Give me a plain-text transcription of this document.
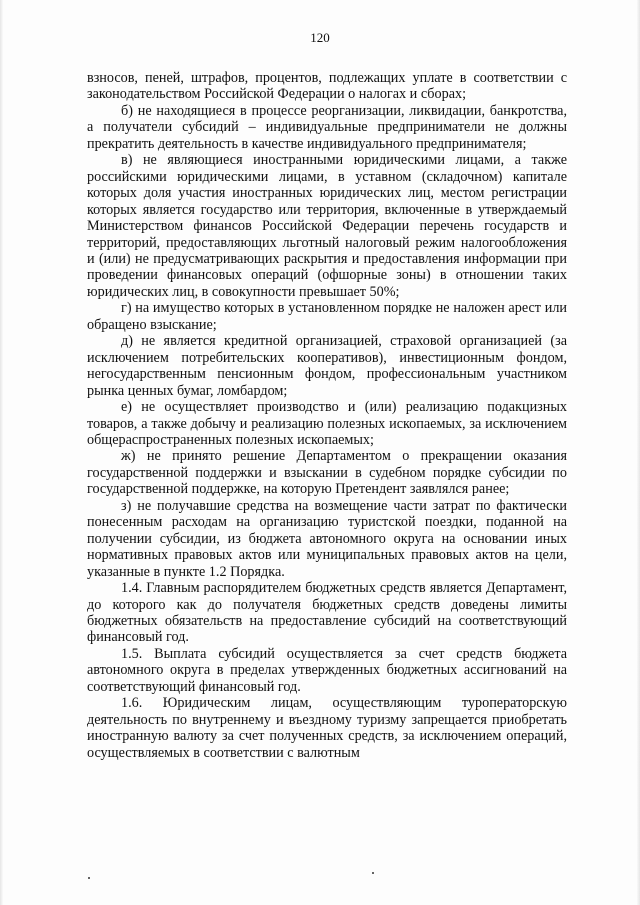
120

взносов, пеней, штрафов, процентов, подлежащих уплате в соответствии с законодательством Российской Федерации о налогах и сборах;

б) не находящиеся в процессе реорганизации, ликвидации, банкротства, а получатели субсидий – индивидуальные предприниматели не должны прекратить деятельность в качестве индивидуального предпринимателя;

в) не являющиеся иностранными юридическими лицами, а также российскими юридическими лицами, в уставном (складочном) капитале которых доля участия иностранных юридических лиц, местом регистрации которых является государство или территория, включенные в утверждаемый Министерством финансов Российской Федерации перечень государств и территорий, предоставляющих льготный налоговый режим налогообложения и (или) не предусматривающих раскрытия и предоставления информации при проведении финансовых операций (офшорные зоны) в отношении таких юридических лиц, в совокупности превышает 50%;

г) на имущество которых в установленном порядке не наложен арест или обращено взыскание;

д) не является кредитной организацией, страховой организацией (за исключением потребительских кооперативов), инвестиционным фондом, негосударственным пенсионным фондом, профессиональным участником рынка ценных бумаг, ломбардом;

е) не осуществляет производство и (или) реализацию подакцизных товаров, а также добычу и реализацию полезных ископаемых, за исключением общераспространенных полезных ископаемых;

ж) не принято решение Департаментом о прекращении оказания государственной поддержки и взыскании в судебном порядке субсидии по государственной поддержке, на которую Претендент заявлялся ранее;

з) не получавшие средства на возмещение части затрат по фактически понесенным расходам на организацию туристской поездки, поданной на получении субсидии, из бюджета автономного округа на основании иных нормативных правовых актов или муниципальных правовых актов на цели, указанные в пункте 1.2 Порядка.

1.4. Главным распорядителем бюджетных средств является Департамент, до которого как до получателя бюджетных средств доведены лимиты бюджетных обязательств на предоставление субсидий на соответствующий финансовый год.

1.5. Выплата субсидий осуществляется за счет средств бюджета автономного округа в пределах утвержденных бюджетных ассигнований на соответствующий финансовый год.

1.6. Юридическим лицам, осуществляющим туроператорскую деятельность по внутреннему и въездному туризму запрещается приобретать иностранную валюту за счет полученных средств, за исключением операций, осуществляемых в соответствии с валютным
